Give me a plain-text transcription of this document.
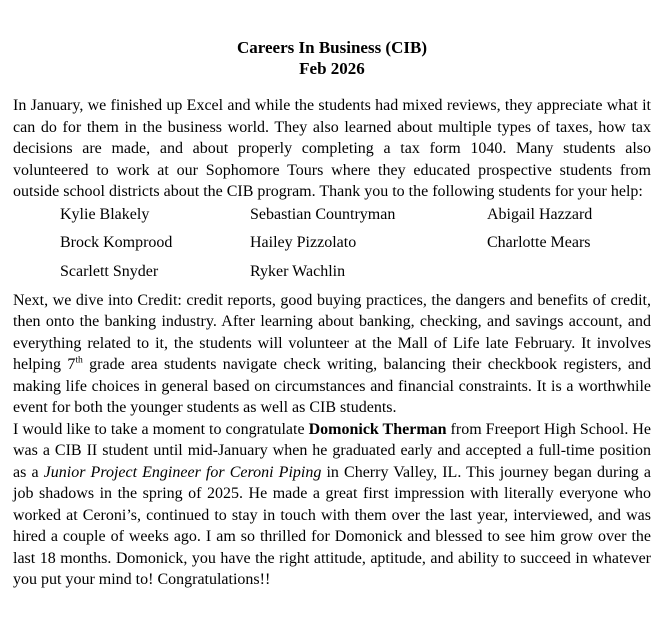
Careers In Business (CIB)
Feb 2026

In January, we finished up Excel and while the students had mixed reviews, they appreciate what it can do for them in the business world. They also learned about multiple types of taxes, how tax decisions are made, and about properly completing a tax form 1040. Many students also volunteered to work at our Sophomore Tours where they educated prospective students from outside school districts about the CIB program. Thank you to the following students for your help:

Kylie Blakely	Sebastian Countryman	Abigail Hazzard
Brock Komprood	Hailey Pizzolato	Charlotte Mears
Scarlett Snyder	Ryker Wachlin

Next, we dive into Credit: credit reports, good buying practices, the dangers and benefits of credit, then onto the banking industry. After learning about banking, checking, and savings account, and everything related to it, the students will volunteer at the Mall of Life late February. It involves helping 7th grade area students navigate check writing, balancing their checkbook registers, and making life choices in general based on circumstances and financial constraints. It is a worthwhile event for both the younger students as well as CIB students.

I would like to take a moment to congratulate Domonick Therman from Freeport High School. He was a CIB II student until mid-January when he graduated early and accepted a full-time position as a Junior Project Engineer for Ceroni Piping in Cherry Valley, IL. This journey began during a job shadows in the spring of 2025. He made a great first impression with literally everyone who worked at Ceroni’s, continued to stay in touch with them over the last year, interviewed, and was hired a couple of weeks ago. I am so thrilled for Domonick and blessed to see him grow over the last 18 months. Domonick, you have the right attitude, aptitude, and ability to succeed in whatever you put your mind to! Congratulations!!
